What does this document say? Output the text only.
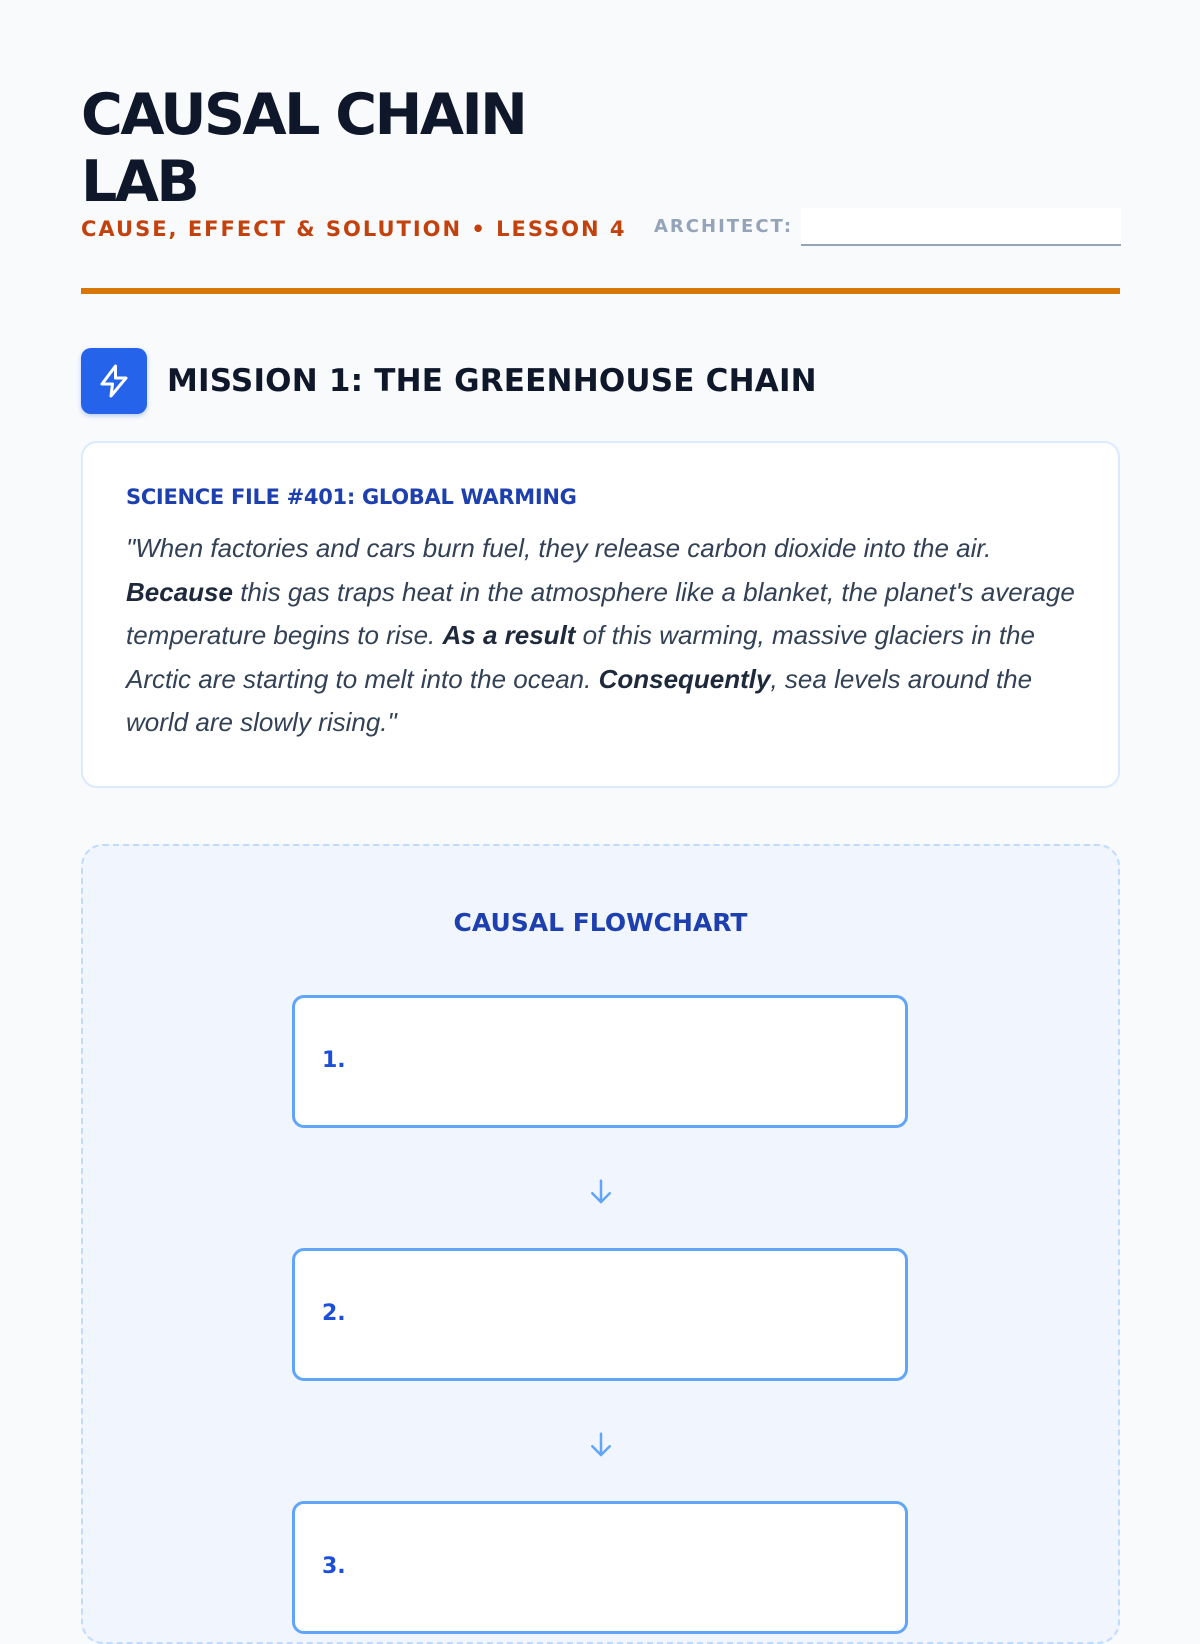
CAUSAL CHAIN LAB
CAUSE, EFFECT & SOLUTION • LESSON 4 ARCHITECT:
MISSION 1: THE GREENHOUSE CHAIN
SCIENCE FILE #401: GLOBAL WARMING

"When factories and cars burn fuel, they release carbon dioxide into the air. Because this gas traps heat in the atmosphere like a blanket, the planet's average temperature begins to rise. As a result of this warming, massive glaciers in the Arctic are starting to melt into the ocean. Consequently, sea levels around the world are slowly rising."

CAUSAL FLOWCHART
1.
2.
3.
